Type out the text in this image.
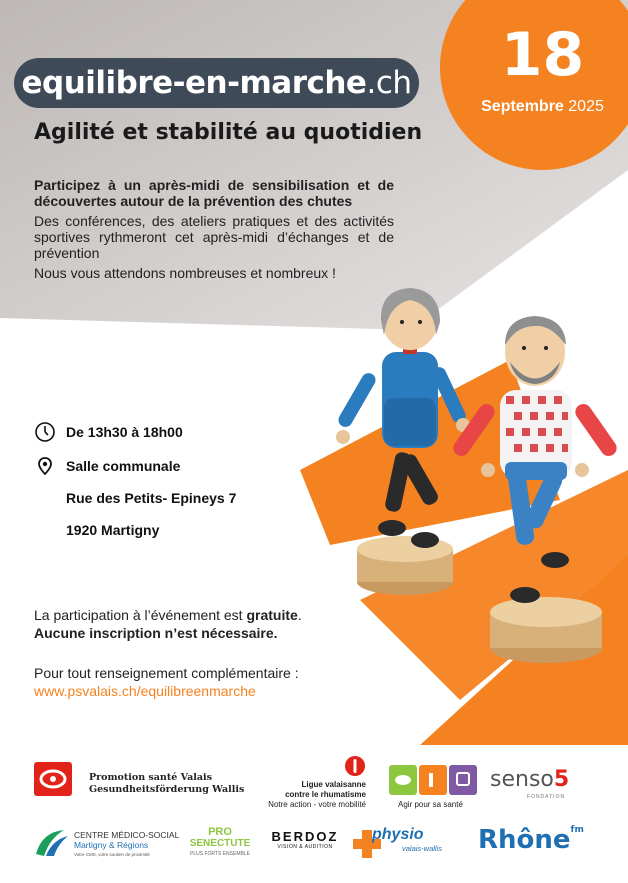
equilibre-en-marche .ch	18
Septembre 2025
Agilité et stabilité au quotidien

Participez à un après-midi de sensibilisation et de découvertes autour de la prévention des chutes

Des conférences, des ateliers pratiques et des activités sportives rythmeront cet après-midi d’échanges et de prévention

Nous vous attendons nombreuses et nombreux !

De 13h30 à 18h00
Salle communale
Rue des Petits- Epineys 7
1920 Martigny
La participation à l’événement est gratuite.
Aucune inscription n’est nécessaire.
Pour tout renseignement complémentaire :
www.psvalais.ch/equilibreenmarche
Promotion santé Valais
Gesundheitsförderung Wallis	Ligue valaisanne
contre le rhumatisme
Notre action - votre mobilité	Agir pour sa santé
senso5
FONDATION
CENTRE MÉDICO-SOCIAL
Martigny & Régions
Votre CMS, votre soutien de proximité
PRO
SENECTUTE
PLUS FORTS ENSEMBLE
BERDOZ
VISION & AUDITION
physio
valais-wallis Rhône$^{fm}$
